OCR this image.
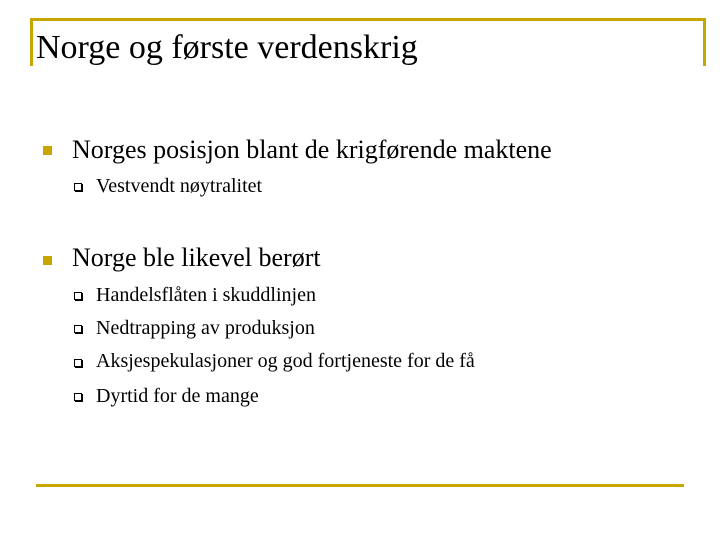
Norge og første verdenskrig
Norges posisjon blant de krigførende maktene
Vestvendt nøytralitet
Norge ble likevel berørt
Handelsflåten i skuddlinjen
Nedtrapping av produksjon
Aksjespekulasjoner og god fortjeneste for de få
Dyrtid for de mange
